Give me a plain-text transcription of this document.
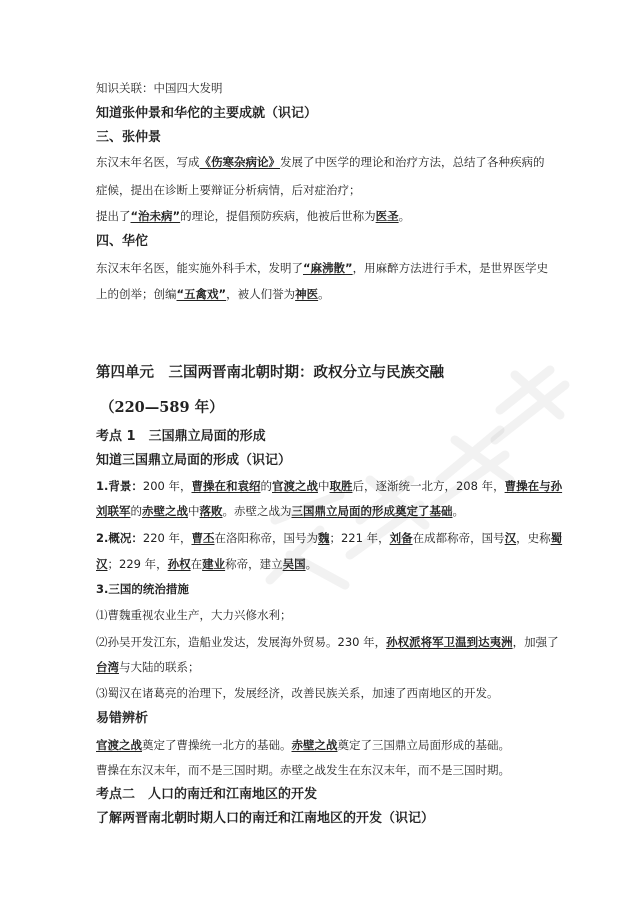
知识关联：中国四大发明
知道张仲景和华佗的主要成就（识记）
三、张仲景
东汉末年名医，写成《伤寒杂病论》发展了中医学的理论和治疗方法，总结了各种疾病的
症候，提出在诊断上要辩证分析病情，后对症治疗；
提出了“治未病”的理论，提倡预防疾病，他被后世称为医圣。
四、华佗
东汉末年名医，能实施外科手术，发明了“麻沸散”，用麻醉方法进行手术，是世界医学史
上的创举；创编“五禽戏”，被人们誉为神医。
第四单元　三国两晋南北朝时期：政权分立与民族交融
（220—589 年）
考点 1　三国鼎立局面的形成
知道三国鼎立局面的形成（识记）
1.背景：200 年，曹操在和袁绍的官渡之战中取胜后，逐渐统一北方，208 年，曹操在与孙
刘联军的赤壁之战中落败。赤壁之战为三国鼎立局面的形成奠定了基础。
2.概况：220 年，曹丕在洛阳称帝，国号为魏；221 年，刘备在成都称帝，国号汉，史称蜀
汉；229 年，孙权在建业称帝，建立吴国。
3.三国的统治措施
⑴曹魏重视农业生产，大力兴修水利；
⑵孙吴开发江东，造船业发达，发展海外贸易。230 年，孙权派将军卫温到达夷洲，加强了
台湾与大陆的联系；
⑶蜀汉在诸葛亮的治理下，发展经济，改善民族关系，加速了西南地区的开发。
易错辨析
官渡之战奠定了曹操统一北方的基础。赤壁之战奠定了三国鼎立局面形成的基础。
曹操在东汉末年，而不是三国时期。赤壁之战发生在东汉末年，而不是三国时期。
考点二　人口的南迁和江南地区的开发
了解两晋南北朝时期人口的南迁和江南地区的开发（识记）
